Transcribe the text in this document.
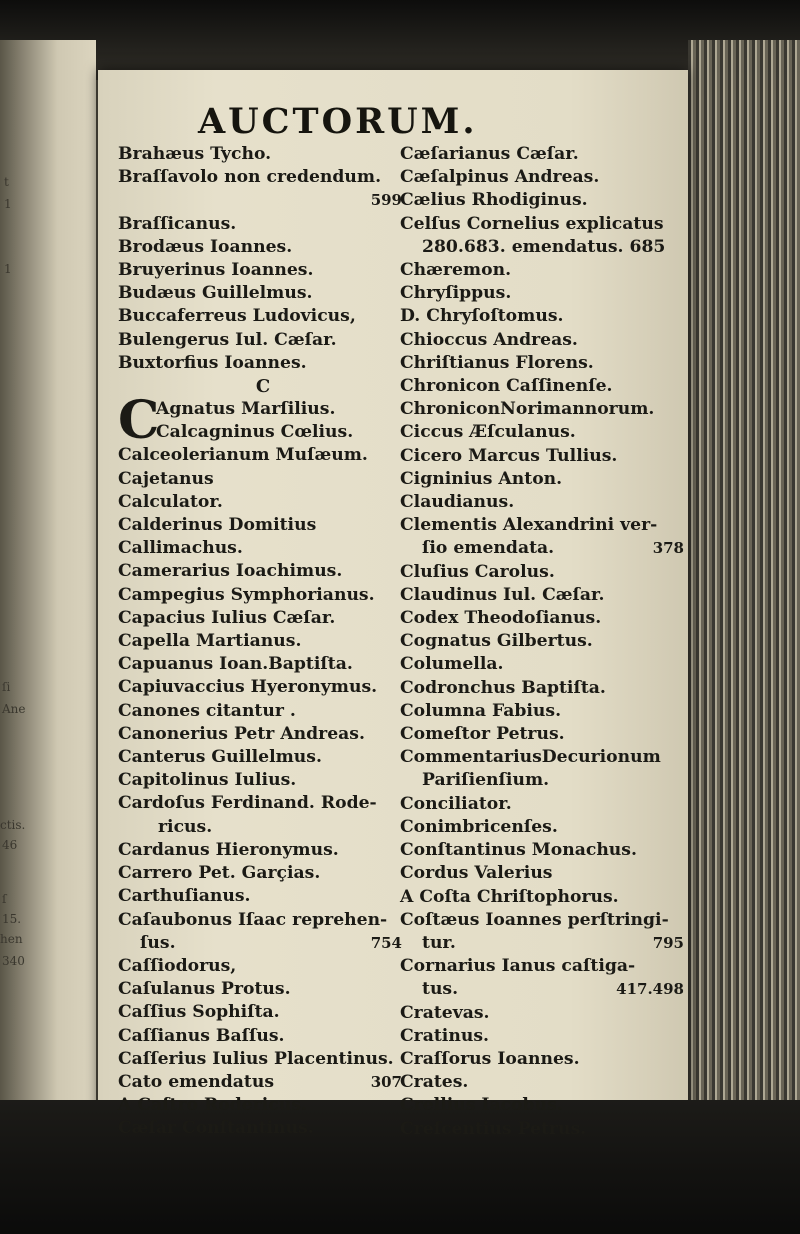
t
1
1
ſi
Ane
ctis.
46
ſ
15.
hen
340
AUCTORUM.
Brahæus Tycho.
Braſſavolo non credendum.
599
Braſſicanus.
Brodæus Ioannes.
Bruyerinus Ioannes.
Budæus Guillelmus.
Buccaferreus Ludovicus,
Bulengerus Iul. Cæſar.
Buxtorfius Ioannes.
C
C
Agnatus Marſilius.
Calcagninus Cœlius.
Calceolerianum Muſæum.
Cajetanus
Calculator.
Calderinus Domitius
Callimachus.
Camerarius Ioachimus.
Campegius Symphorianus.
Capacius Iulius Cæſar.
Capella Martianus.
Capuanus Ioan.Baptiſta.
Capiuvaccius Hyeronymus.
Canones citantur .
Canonerius Petr Andreas.
Canterus Guillelmus.
Capitolinus Iulius.
Cardoſus Ferdinand. Rode-
ricus.
Cardanus Hieronymus.
Carrero Pet. Garçias.
Carthuſianus.
Caſaubonus Iſaac reprehen-
ſus.	754
Caſſiodorus,
Caſulanus Protus.
Caſſius Sophiſta.
Caſſianus Baſſus.
Caſſerius Iulius Placentinus.
Cato emendatus	307
A Caſtro Rodericus.
Cæſar Conſtantinus.
Cæſarianus Cæſar.
Cæſalpinus Andreas.
Cælius Rhodiginus.
Celſus Cornelius explicatus
280.683. emendatus. 685
Chæremon.
Chryſippus.
D. Chryſoſtomus.
Chioccus Andreas.
Chriſtianus Florens.
Chronicon Caſſinenſe.
ChroniconNorimannorum.
Ciccus Æſculanus.
Cicero Marcus Tullius.
Cigninius Anton.
Claudianus.
Clementis Alexandrini ver-
ſio emendata.	378
Cluſius Carolus.
Claudinus Iul. Cæſar.
Codex Theodoſianus.
Cognatus Gilbertus.
Columella.
Codronchus Baptiſta.
Columna Fabius.
Comeſtor Petrus.
CommentariusDecurionum
Pariſienſium.
Conciliator.
Conimbricenſes.
Conſtantinus Monachus.
Cordus Valerius
A Coſta Chriſtophorus.
Coſtæus Ioannes perſtringi-
tur.	795
Cornarius Ianus caſtiga-
tus.	417.498
Cratevas.
Cratinus.
Craſſorus Ioannes.
Crates.
Crellius Iacobus.
Creſcentius Petrus.
